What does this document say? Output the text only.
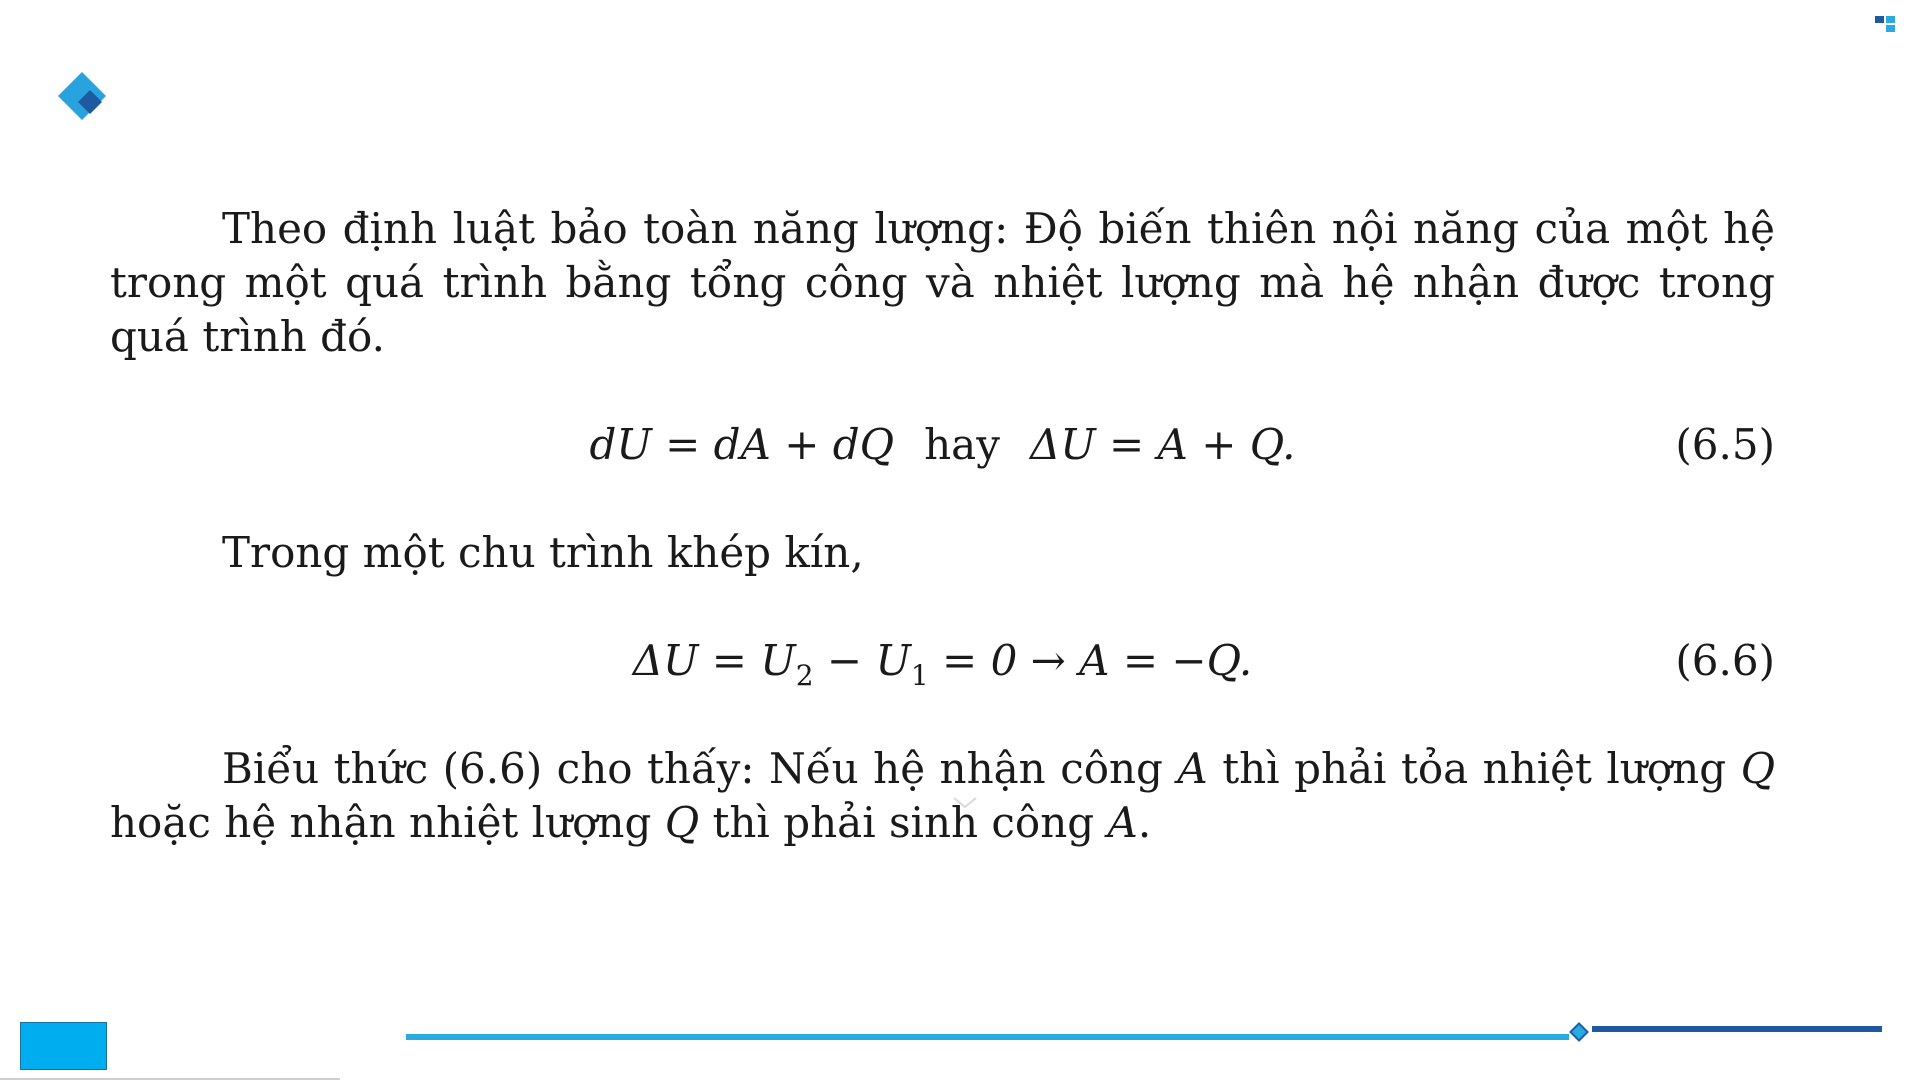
Theo định luật bảo toàn năng lượng: Độ biến thiên nội năng của một hệ trong một quá trình bằng tổng công và nhiệt lượng mà hệ nhận được trong quá trình đó.

dU = dA + dQ hay ΔU = A + Q.	(6.5)

Trong một chu trình khép kín,

$\Delta U = U_2 - U_1 = 0 \to A = -Q$.	(6.6)

Biểu thức (6.6) cho thấy: Nếu hệ nhận công A thì phải tỏa nhiệt lượng Q hoặc hệ nhận nhiệt lượng Q thì phải sinh công A.
